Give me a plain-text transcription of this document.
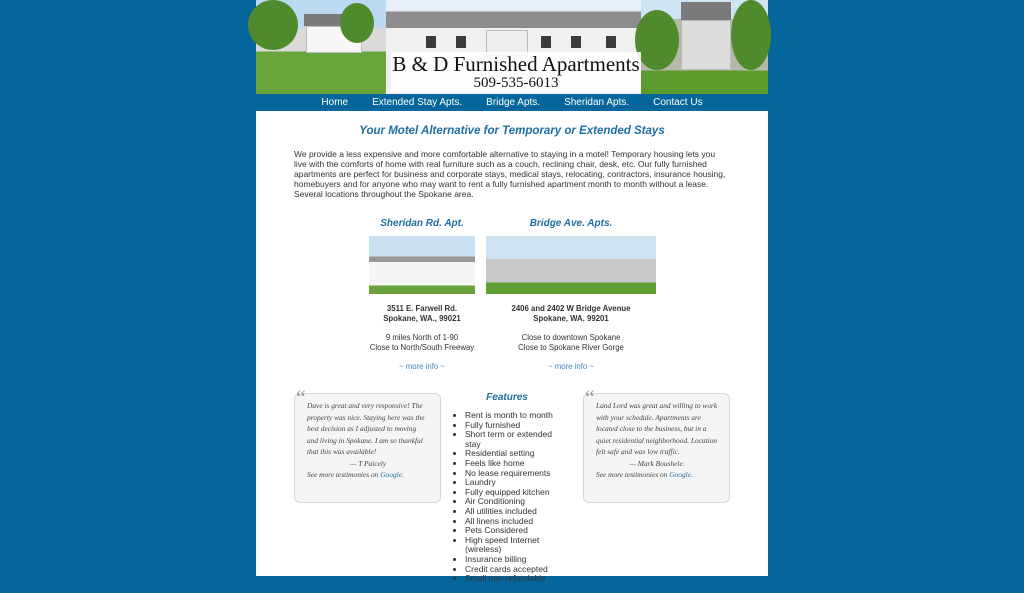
B & D Furnished Apartments
509-535-6013
Home	Extended Stay Apts.	Bridge Apts.	Sheridan Apts.	Contact Us
Your Motel Alternative for Temporary or Extended Stays

We provide a less expensive and more comfortable alternative to staying in a motel! Temporary housing lets you live with the comforts of home with real furniture such as a couch, reclining chair, desk, etc. Our fully furnished apartments are perfect for business and corporate stays, medical stays, relocating, contractors, insurance housing, homebuyers and for anyone who may want to rent a fully furnished apartment month to month without a lease. Several locations throughout the Spokane area.

Sheridan Rd. Apt.
3511 E. Farwell Rd.
Spokane, WA., 99021
9 miles North of 1-90
Close to North/South Freeway
~ more info ~
Bridge Ave. Apts.
2406 and 2402 W Bridge Avenue
Spokane, WA. 99201
Close to downtown Spokane
Close to Spokane River Gorge
~ more info ~
“ Dave is great and very responsive! The property was nice. Staying here was the best decision as I adjusted to moving and living in Spokane. I am so thankful that this was available!
— T Paicely
See more testimonies on Google.
Features
• Rent is month to month
• Fully furnished
• Short term or extended stay
• Residential setting
• Feels like home
• No lease requirements
• Laundry
• Fully equipped kitchen
• Air Conditioning
• All utilities included
• All linens included
• Pets Considered
• High speed Internet (wireless)
• Insurance billing
• Credit cards accepted
• Small non-refundable
“ Land Lord was great and willing to work with your schedule. Apartments are located close to the business, but in a quiet residential neighborhood. Location felt safe and was low traffic.
— Mark Boushele.
See more testimonies on Google.
